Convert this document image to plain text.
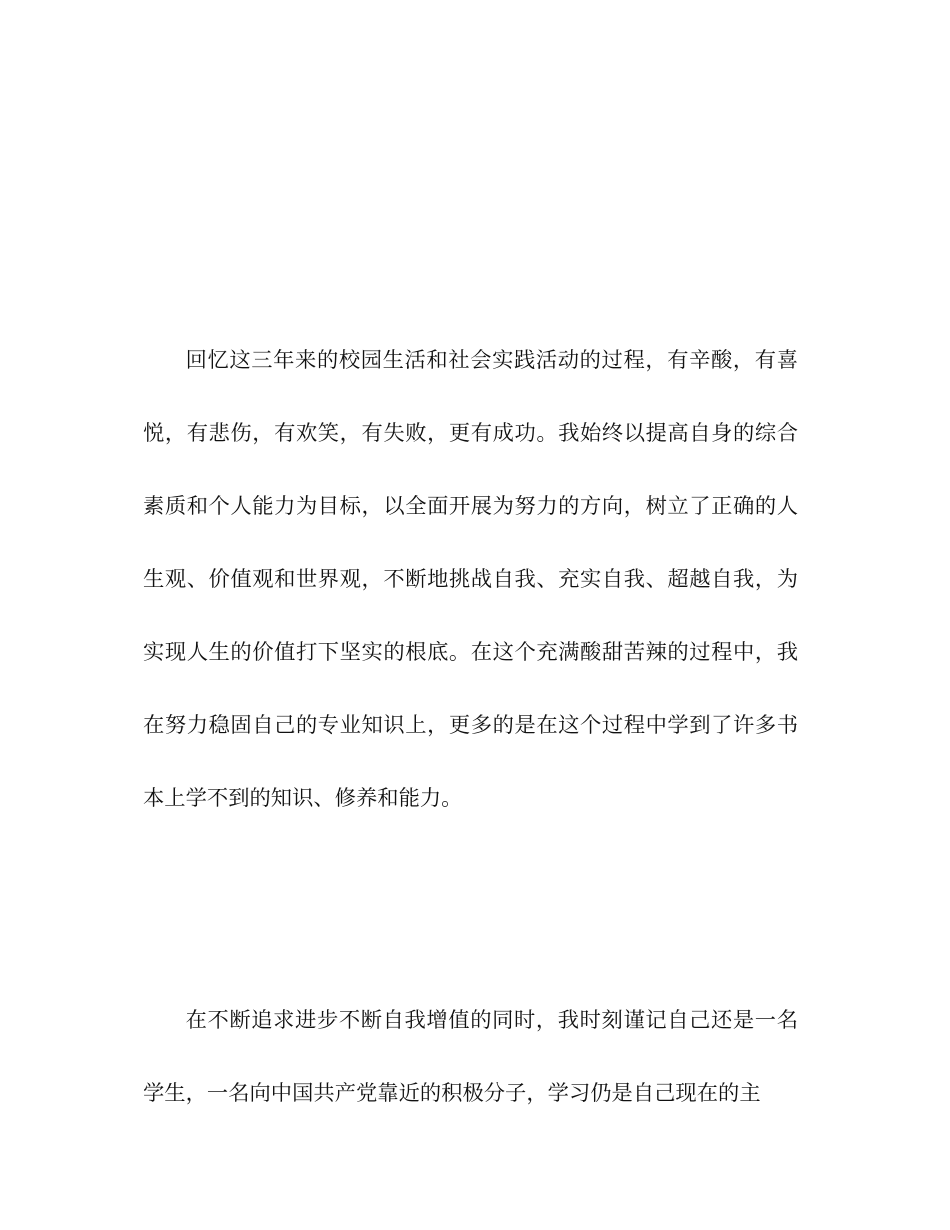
回忆这三年来的校园生活和社会实践活动的过程，有辛酸，有喜悦，有悲伤，有欢笑，有失败，更有成功。我始终以提高自身的综合素质和个人能力为目标，以全面开展为努力的方向，树立了正确的人生观、价值观和世界观，不断地挑战自我、充实自我、超越自我，为实现人生的价值打下坚实的根底。在这个充满酸甜苦辣的过程中，我在努力稳固自己的专业知识上，更多的是在这个过程中学到了许多书本上学不到的知识、修养和能力。

在不断追求进步不断自我增值的同时，我时刻谨记自己还是一名学生，一名向中国共产党靠近的积极分子，学习仍是自己现在的主
